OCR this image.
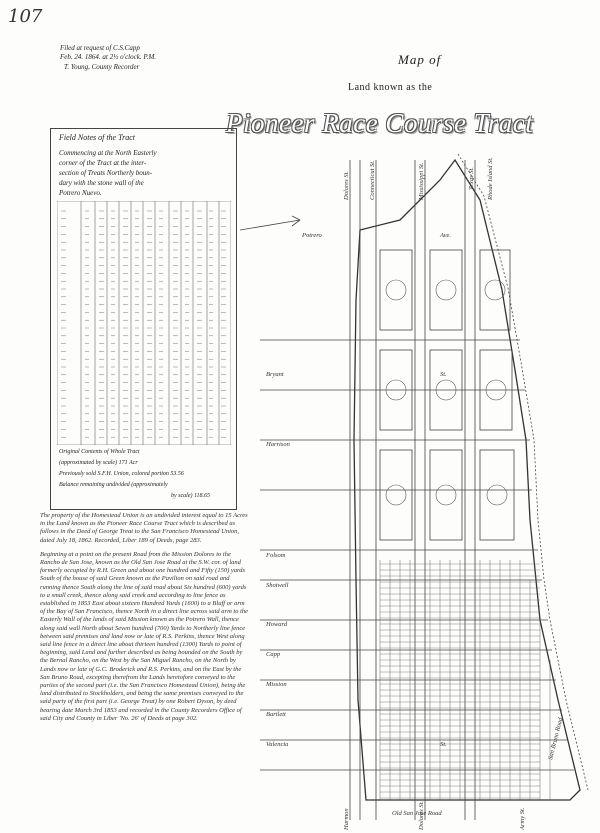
107
Filed at request of C.S.Capp
Feb. 24. 1864. at 2½ o'clock. P.M.
T. Young, County Recorder	Map of
Land known as the
Pioneer Race Course Tract
Field Notes of the Tract
Commencing at the North Easterly
corner of the Tract at the inter-
section of Treats Northerly boun-
dary with the stone wall of the
Potrero Nuevo.
Original Contents of Whole Tract
(approximated by scale) 171 Acr
Previously sold S.F.H. Union, colored portion 53.56
Balance remaining undivided (approximately
by scale) 118.65

The property of the Homestead Union is an undivided interest equal to 15 Acres in the Land known as the Pioneer Race Course Tract which is described as follows in the Deed of George Treat to the San Francisco Homestead Union, dated July 18, 1862. Recorded, Liber 189 of Deeds, page 283.

Beginning at a point on the present Road from the Mission Dolores to the Rancho de San Jose, known as the Old San Jose Road at the S.W. cor. of land formerly occupied by R.H. Green and about one hundred and Fifty (150) yards South of the house of said Green known as the Pavilion on said road and running thence South along the line of said road about Six hundred (600) yards to a small creek, thence along said creek and according to line fence as established in 1853 East about sixteen Hundred Yards (1600) to a Bluff or arm of the Bay of San Francisco, thence North in a direct line across said arm to the Easterly Wall of the lands of said Mission known as the Potrero Wall, thence along said wall North about Seven hundred (700) Yards to Northerly line fence between said premises and land now or late of R.S. Perkins, thence West along said line fence in a direct line about thirteen hundred (1300) Yards to point of beginning, said Land and further described as being bounded on the South by the Bernal Rancho, on the West by the San Miguel Rancho, on the North by Lands now or late of G.C. Broderick and R.S. Perkins, and on the East by the San Bruno Road, excepting therefrom the Lands heretofore conveyed to the parties of the second part (i.e. the San Francisco Homestead Union), being the land distributed to Stockholders, and being the same premises conveyed to the said party of the first part (i.e. George Treat) by one Robert Dyson, by deed bearing date March 3rd 1853 and recorded in the County Recorders Office of said City and County in Liber 'No. 26' of Deeds at page 302.

Potrero	Ave.
Bryant	St.
Harrison
Folsom
Shotwell
Howard
Capp
Mission
Bartlett
Valencia	St.
Old San Jose Road
Dolores St.	Connecticut St.	Mississippi St.	Texas St. Rhode Island St.
Harmon	Dolores St.	Army St.
San Bruno Road
